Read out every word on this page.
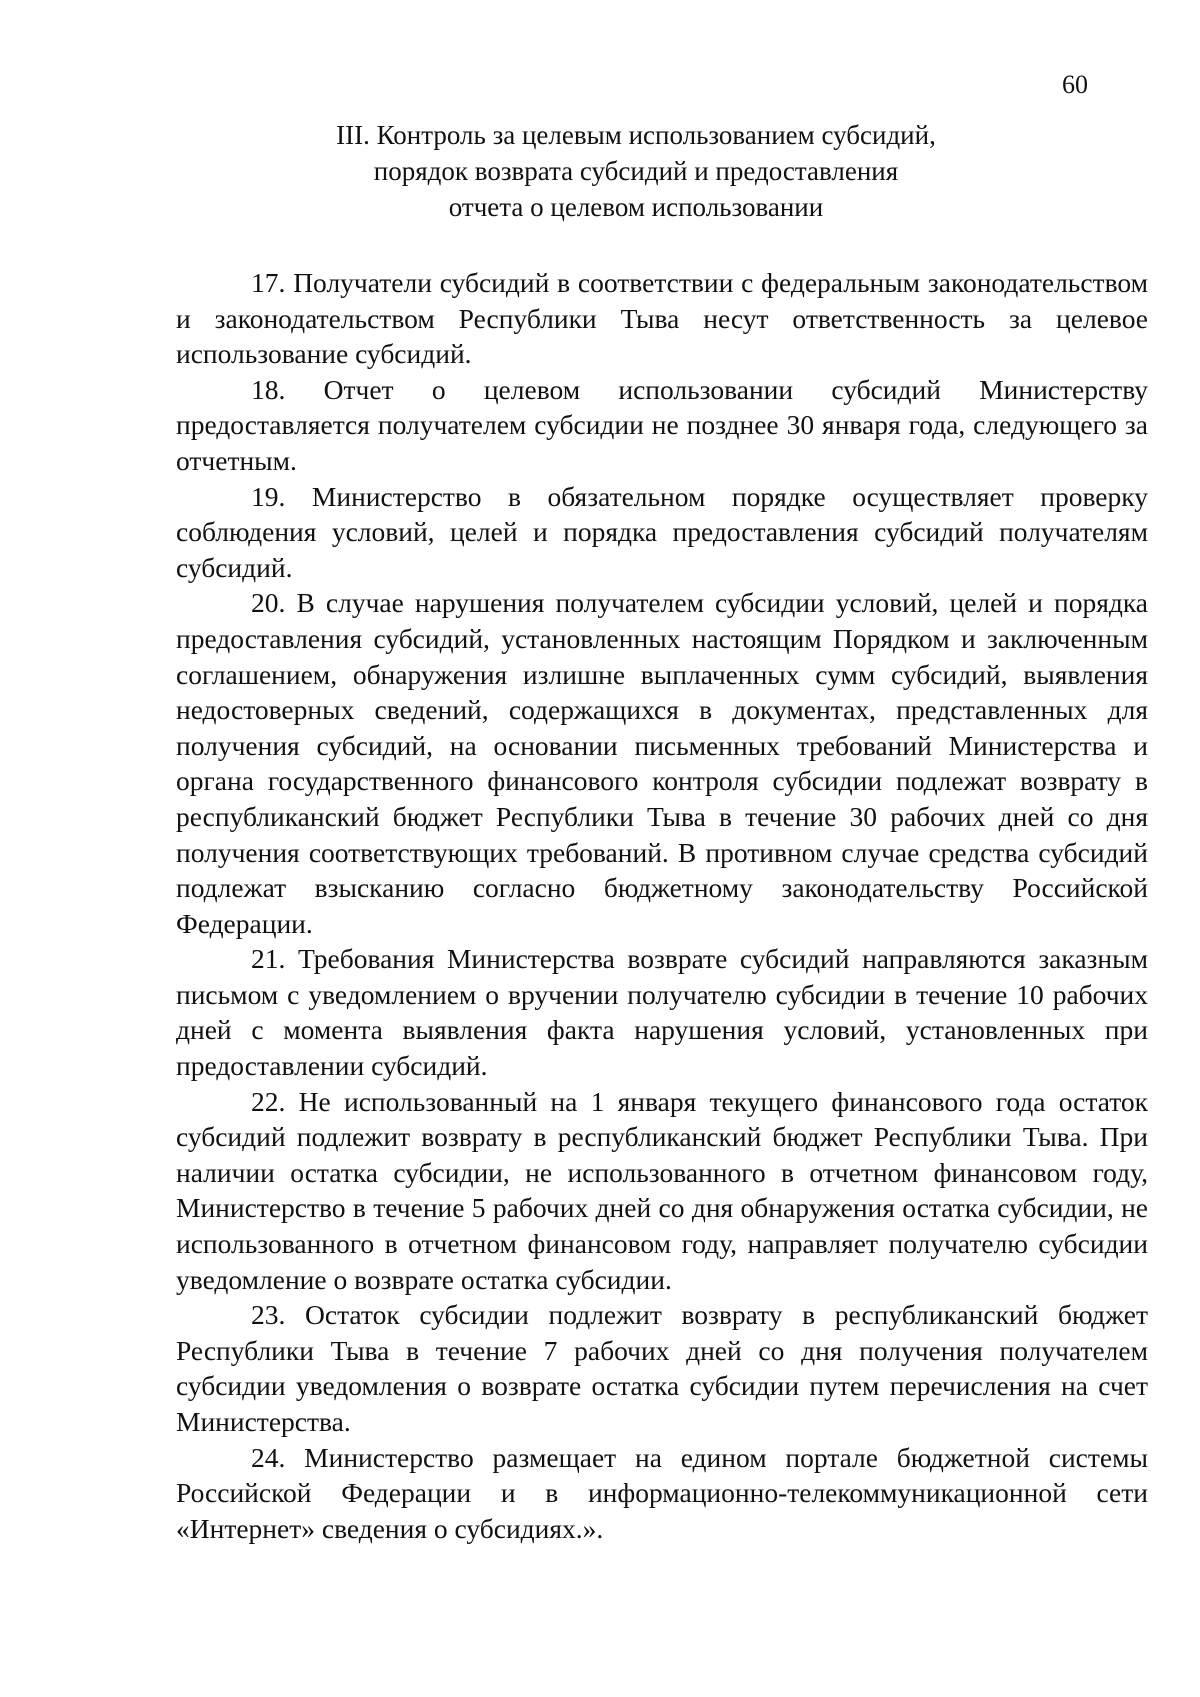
60
III. Контроль за целевым использованием субсидий,
порядок возврата субсидий и предоставления
отчета о целевом использовании

17. Получатели субсидий в соответствии с федеральным законодательством и законодательством Республики Тыва несут ответственность за целевое использование субсидий.

18. Отчет о целевом использовании субсидий Министерству предоставляется получателем субсидии не позднее 30 января года, следующего за отчетным.

19. Министерство в обязательном порядке осуществляет проверку соблюдения условий, целей и порядка предоставления субсидий получателям субсидий.

20. В случае нарушения получателем субсидии условий, целей и порядка предоставления субсидий, установленных настоящим Порядком и заключенным соглашением, обнаружения излишне выплаченных сумм субсидий, выявления недостоверных сведений, содержащихся в документах, представленных для получения субсидий, на основании письменных требований Министерства и органа государственного финансового контроля субсидии подлежат возврату в республиканский бюджет Республики Тыва в течение 30 рабочих дней со дня получения соответствующих требований. В противном случае средства субсидий подлежат взысканию согласно бюджетному законодательству Российской Федерации.

21. Требования Министерства возврате субсидий направляются заказным письмом с уведомлением о вручении получателю субсидии в течение 10 рабочих дней с момента выявления факта нарушения условий, установленных при предоставлении субсидий.

22. Не использованный на 1 января текущего финансового года остаток субсидий подлежит возврату в республиканский бюджет Республики Тыва. При наличии остатка субсидии, не использованного в отчетном финансовом году, Министерство в течение 5 рабочих дней со дня обнаружения остатка субсидии, не использованного в отчетном финансовом году, направляет получателю субсидии уведомление о возврате остатка субсидии.

23. Остаток субсидии подлежит возврату в республиканский бюджет Республики Тыва в течение 7 рабочих дней со дня получения получателем субсидии уведомления о возврате остатка субсидии путем перечисления на счет Министерства.

24. Министерство размещает на едином портале бюджетной системы Российской Федерации и в информационно-телекоммуникационной сети «Интернет» сведения о субсидиях.».
